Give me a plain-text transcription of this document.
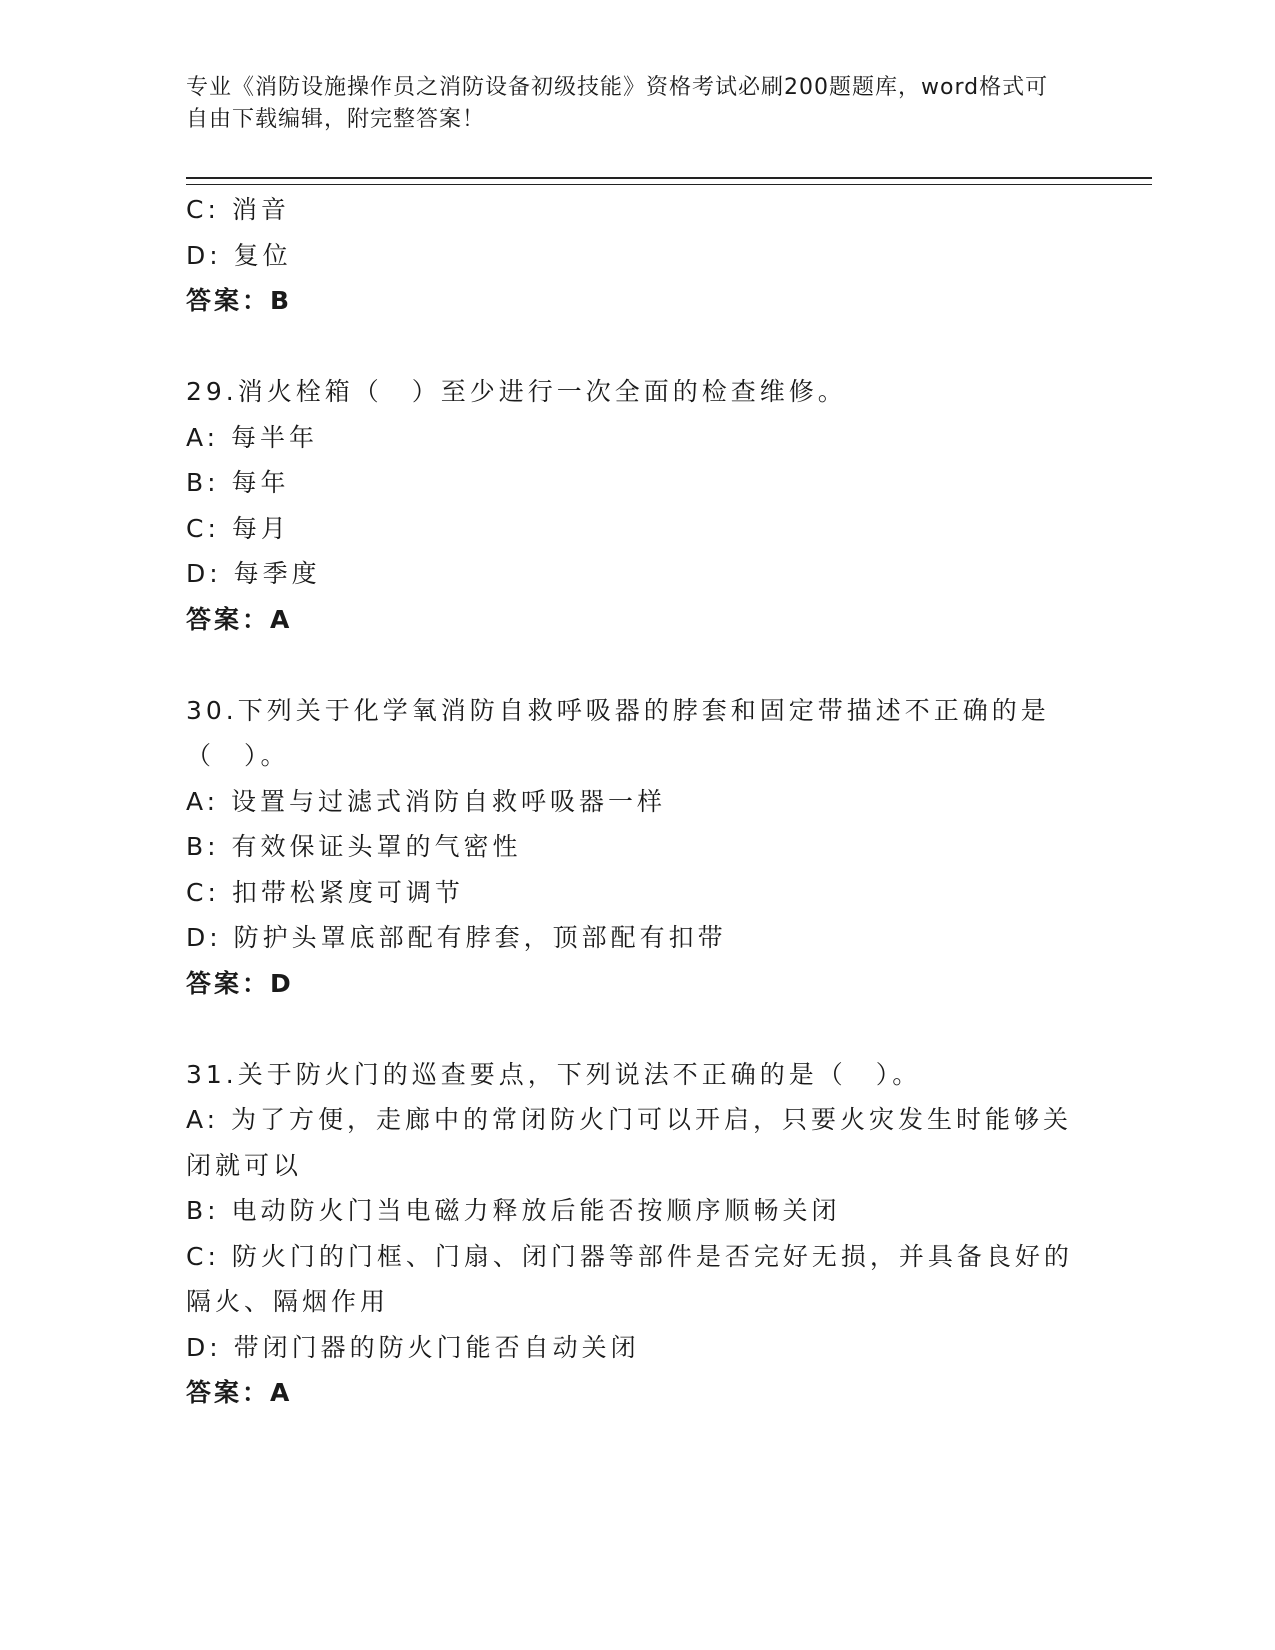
专业《消防设施操作员之消防设备初级技能》资格考试必刷200题题库，word格式可自由下载编辑，附完整答案！
C: 消音
D: 复位
答案：B
29.消火栓箱（　）至少进行一次全面的检查维修。
A: 每半年
B: 每年
C: 每月
D: 每季度
答案：A
30.下列关于化学氧消防自救呼吸器的脖套和固定带描述不正确的是（　）。
A: 设置与过滤式消防自救呼吸器一样
B: 有效保证头罩的气密性
C: 扣带松紧度可调节
D: 防护头罩底部配有脖套，顶部配有扣带
答案：D
31.关于防火门的巡查要点，下列说法不正确的是（　）。
A: 为了方便，走廊中的常闭防火门可以开启，只要火灾发生时能够关闭就可以
B: 电动防火门当电磁力释放后能否按顺序顺畅关闭
C: 防火门的门框、门扇、闭门器等部件是否完好无损，并具备良好的隔火、隔烟作用
D: 带闭门器的防火门能否自动关闭
答案：A
